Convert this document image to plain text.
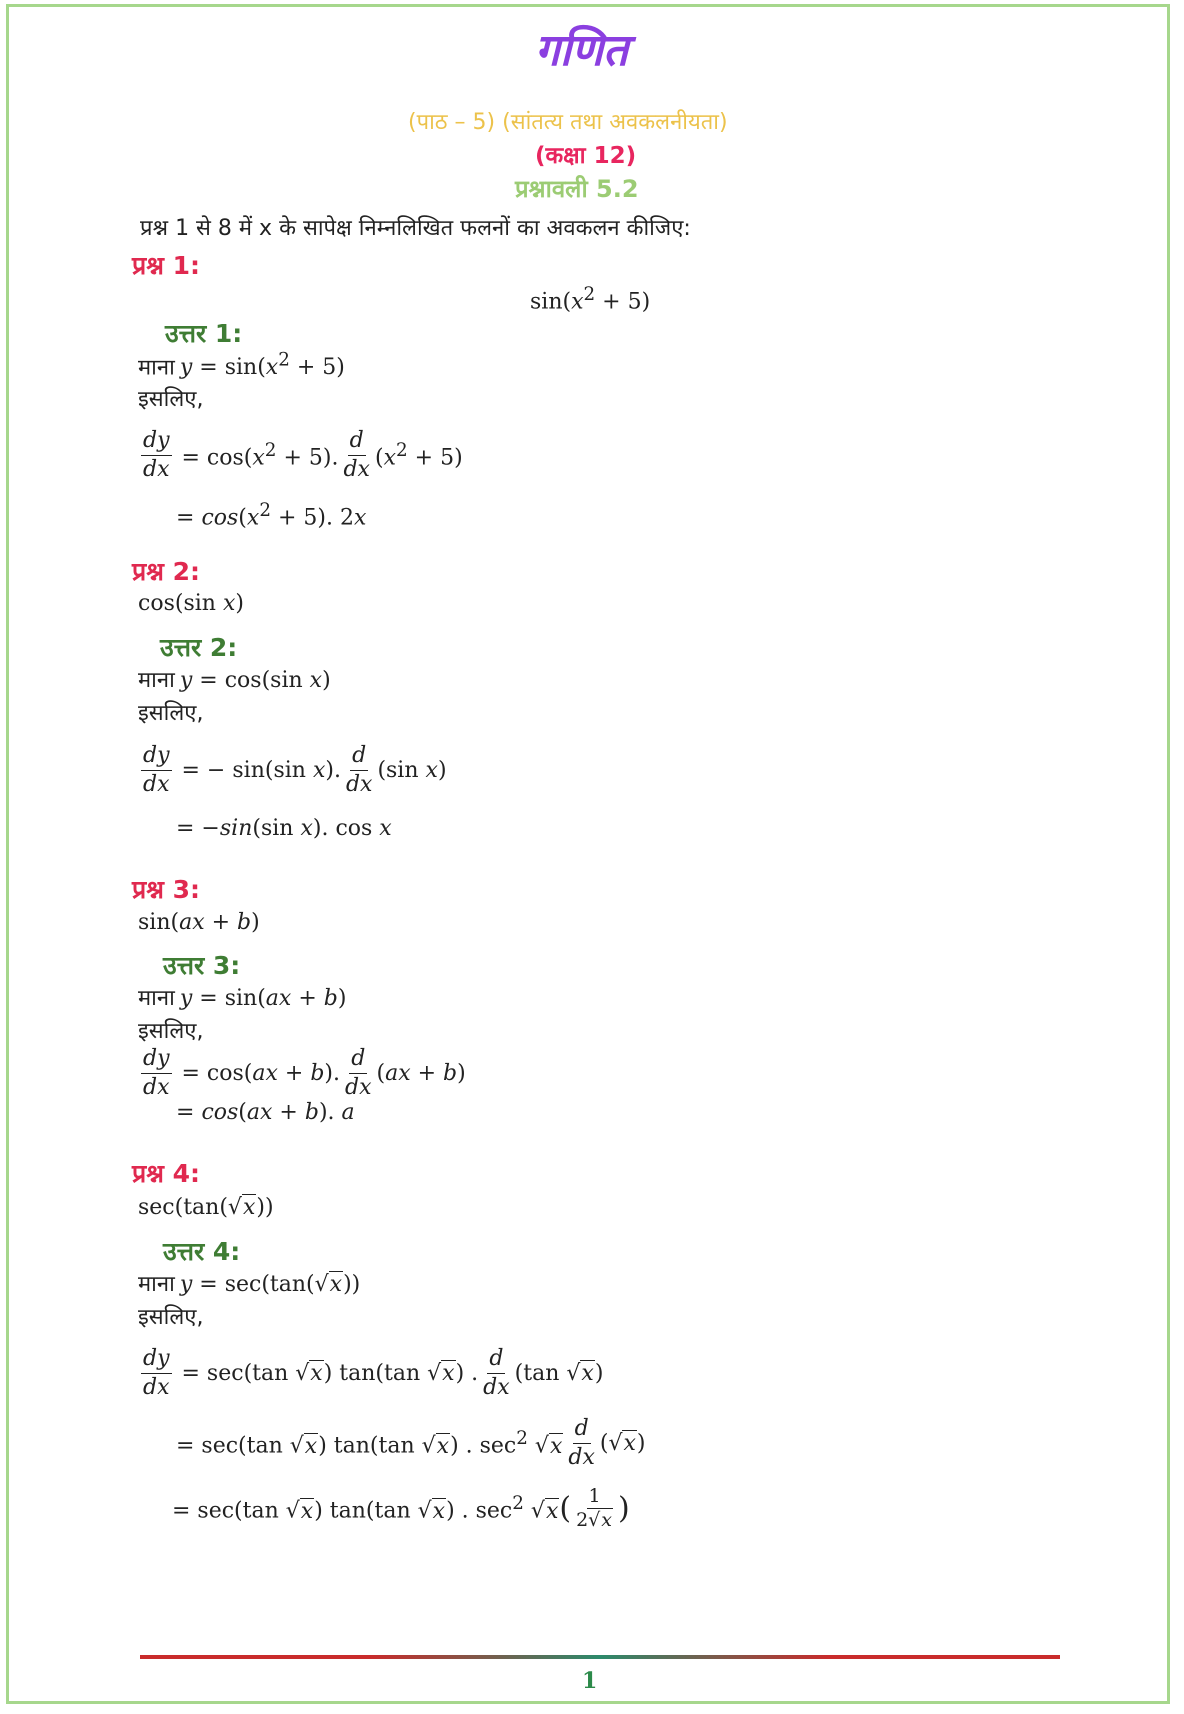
गणित
(पाठ – 5) (सांतत्य तथा अवकलनीयता)
(कक्षा 12)
प्रश्नावली 5.2
प्रश्न 1 से 8 में x के सापेक्ष निम्नलिखित फलनों का अवकलन कीजिए:
प्रश्न 1:
$\sin(x^2 + 5)$
उत्तर 1:
माना $y = \sin(x^2 + 5)$
इसलिए,
$\frac{dy}{dx} = \cos(x^2 + 5)$. $\frac{d}{dx} (x^2 + 5)$
= $\cos(x^2 + 5)$. 2x
प्रश्न 2:
cos(sin x)
उत्तर 2:
माना y = cos(sin x)
इसलिए,
$\frac{dy}{dx}$ = − sin(sin x). $\frac{d}{dx} (\sin$ x)
= −sin(sin x). cos x
प्रश्न 3:
sin(ax + b)
उत्तर 3:
माना y = sin(ax + b)
इसलिए,
$\frac{dy}{dx} = \cos(ax + b)$. $\frac{d}{dx} (ax + b)$
= cos(ax + b). a
प्रश्न 4:
sec(tan(√x))
उत्तर 4:
माना y = sec(tan(√x))
इसलिए,
$\frac{dy}{dx} = \sec(\tan$ √x) tan(tan √x) . $\frac{d}{dx} (\tan$ √x)
= sec(tan √x) tan(tan √x) . $\sec^2 √x \frac{d}{dx} (√x)$
= sec(tan √x) tan(tan √x) . $\sec^2 √x$ ( $\frac{1}{2√x}$ )
1
